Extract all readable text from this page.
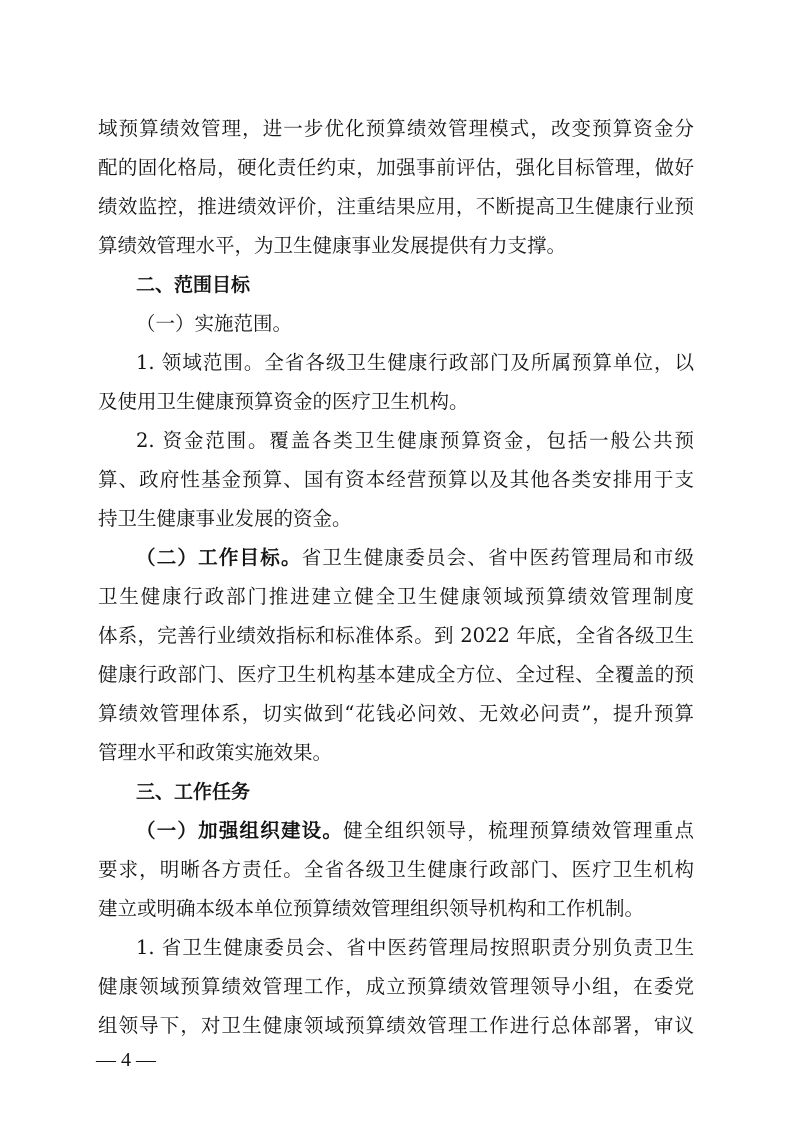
域预算绩效管理，进一步优化预算绩效管理模式，改变预算资金分
配的固化格局，硬化责任约束，加强事前评估，强化目标管理，做好
绩效监控，推进绩效评价，注重结果应用，不断提高卫生健康行业预
算绩效管理水平，为卫生健康事业发展提供有力支撑。
二、范围目标
（一）实施范围。
1. 领域范围。全省各级卫生健康行政部门及所属预算单位，以
及使用卫生健康预算资金的医疗卫生机构。
2. 资金范围。覆盖各类卫生健康预算资金，包括一般公共预
算、政府性基金预算、国有资本经营预算以及其他各类安排用于支
持卫生健康事业发展的资金。
（二）工作目标。省卫生健康委员会、省中医药管理局和市级
卫生健康行政部门推进建立健全卫生健康领域预算绩效管理制度
体系，完善行业绩效指标和标准体系。到 2022 年底，全省各级卫生
健康行政部门、医疗卫生机构基本建成全方位、全过程、全覆盖的预
算绩效管理体系，切实做到“花钱必问效、无效必问责”，提升预算
管理水平和政策实施效果。
三、工作任务
（一）加强组织建设。健全组织领导，梳理预算绩效管理重点
要求，明晰各方责任。全省各级卫生健康行政部门、医疗卫生机构
建立或明确本级本单位预算绩效管理组织领导机构和工作机制。
1. 省卫生健康委员会、省中医药管理局按照职责分别负责卫生
健康领域预算绩效管理工作，成立预算绩效管理领导小组，在委党
组领导下，对卫生健康领域预算绩效管理工作进行总体部署，审议
— 4 —
